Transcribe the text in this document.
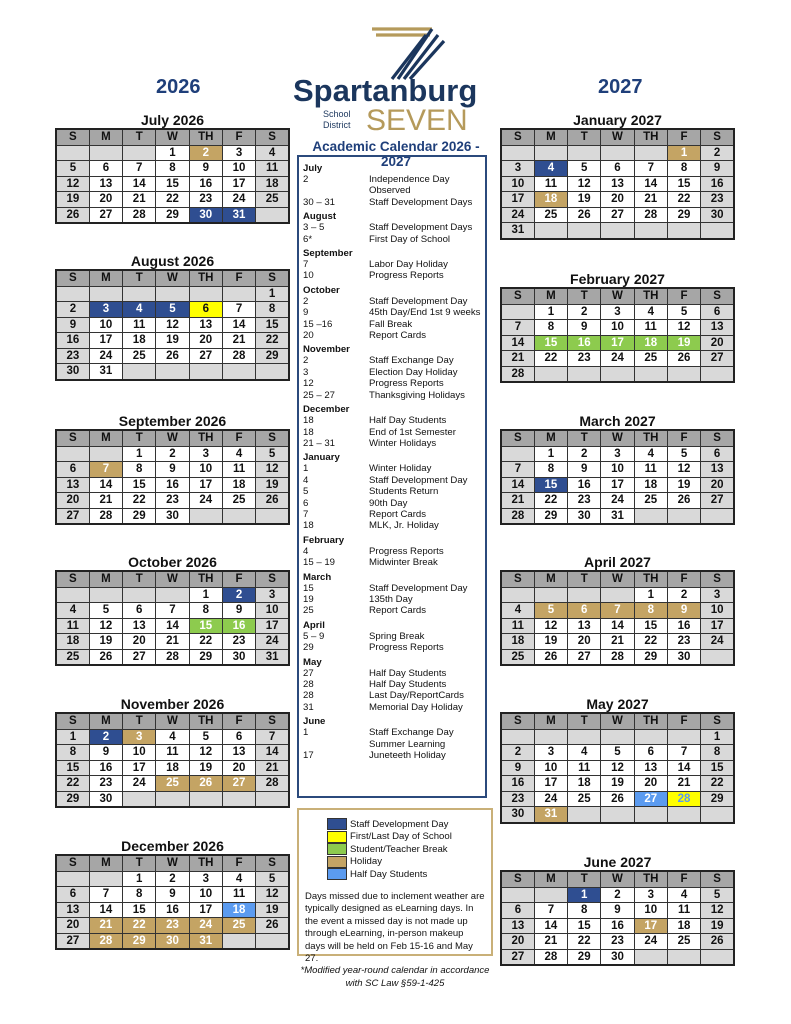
2026	2027
Spartanburg
School
District SEVEN
Academic Calendar 2026 - 2027
July
2	Independence Day Observed
30 – 31	Staff Development Days
August
3 – 5	Staff Development Days
6*	First Day of School
September
7	Labor Day Holiday
10	Progress Reports
October
2	Staff Development Day
9	45th Day/End 1st 9 weeks
15 –16	Fall Break
20	Report Cards
November
2	Staff Exchange Day
3	Election Day Holiday
12	Progress Reports
25 – 27	Thanksgiving Holidays
December
18	Half Day Students
18	End of 1st Semester
21 – 31	Winter Holidays
January
1	Winter Holiday
4	Staff Development Day
5	Students Return
6	90th Day
7	Report Cards
18	MLK, Jr. Holiday
February
4	Progress Reports
15 – 19	Midwinter Break
March
15	Staff Development Day
19	135th Day
25	Report Cards
April
5 – 9	Spring Break
29	Progress Reports
May
27	Half Day Students
28	Half Day Students
28	Last Day/ReportCards
31	Memorial Day Holiday
June
1	Staff Exchange Day
Summer Learning
17	Juneteeth Holiday
Staff Development Day
First/Last Day of School
Student/Teacher Break
Holiday
Half Day Students
Days missed due to inclement weather are typically designed as eLearning days. In the event a missed day is not made up through eLearning, in-person makeup days will be held on Feb 15-16 and May 27.
*Modified year-round calendar in accordance
with SC Law §59-1-425
July 2026
S	M	T	W	TH	F	S
			1	2	3	4
5	6	7	8	9	10	11
12	13	14	15	16	17	18
19	20	21	22	23	24	25
26	27	28	29	30	31	
August 2026
S	M	T	W	TH	F	S
						1
2	3	4	5	6	7	8
9	10	11	12	13	14	15
16	17	18	19	20	21	22
23	24	25	26	27	28	29
30	31					
September 2026
S	M	T	W	TH	F	S
		1	2	3	4	5
6	7	8	9	10	11	12
13	14	15	16	17	18	19
20	21	22	23	24	25	26
27	28	29	30			
October 2026
S	M	T	W	TH	F	S
				1	2	3
4	5	6	7	8	9	10
11	12	13	14	15	16	17
18	19	20	21	22	23	24
25	26	27	28	29	30	31
November 2026
S	M	T	W	TH	F	S
1	2	3	4	5	6	7
8	9	10	11	12	13	14
15	16	17	18	19	20	21
22	23	24	25	26	27	28
29	30					
December 2026
S	M	T	W	TH	F	S
		1	2	3	4	5
6	7	8	9	10	11	12
13	14	15	16	17	18	19
20	21	22	23	24	25	26
27	28	29	30	31		
January 2027
S	M	T	W	TH	F	S
					1	2
3	4	5	6	7	8	9
10	11	12	13	14	15	16
17	18	19	20	21	22	23
24	25	26	27	28	29	30
31						
February 2027
S	M	T	W	TH	F	S
	1	2	3	4	5	6
7	8	9	10	11	12	13
14	15	16	17	18	19	20
21	22	23	24	25	26	27
28						
March 2027
S	M	T	W	TH	F	S
	1	2	3	4	5	6
7	8	9	10	11	12	13
14	15	16	17	18	19	20
21	22	23	24	25	26	27
28	29	30	31			
April 2027
S	M	T	W	TH	F	S
				1	2	3
4	5	6	7	8	9	10
11	12	13	14	15	16	17
18	19	20	21	22	23	24
25	26	27	28	29	30	
May 2027
S	M	T	W	TH	F	S
						1
2	3	4	5	6	7	8
9	10	11	12	13	14	15
16	17	18	19	20	21	22
23	24	25	26	27	28	29
30	31					
June 2027
S	M	T	W	TH	F	S
		1	2	3	4	5
6	7	8	9	10	11	12
13	14	15	16	17	18	19
20	21	22	23	24	25	26
27	28	29	30			
